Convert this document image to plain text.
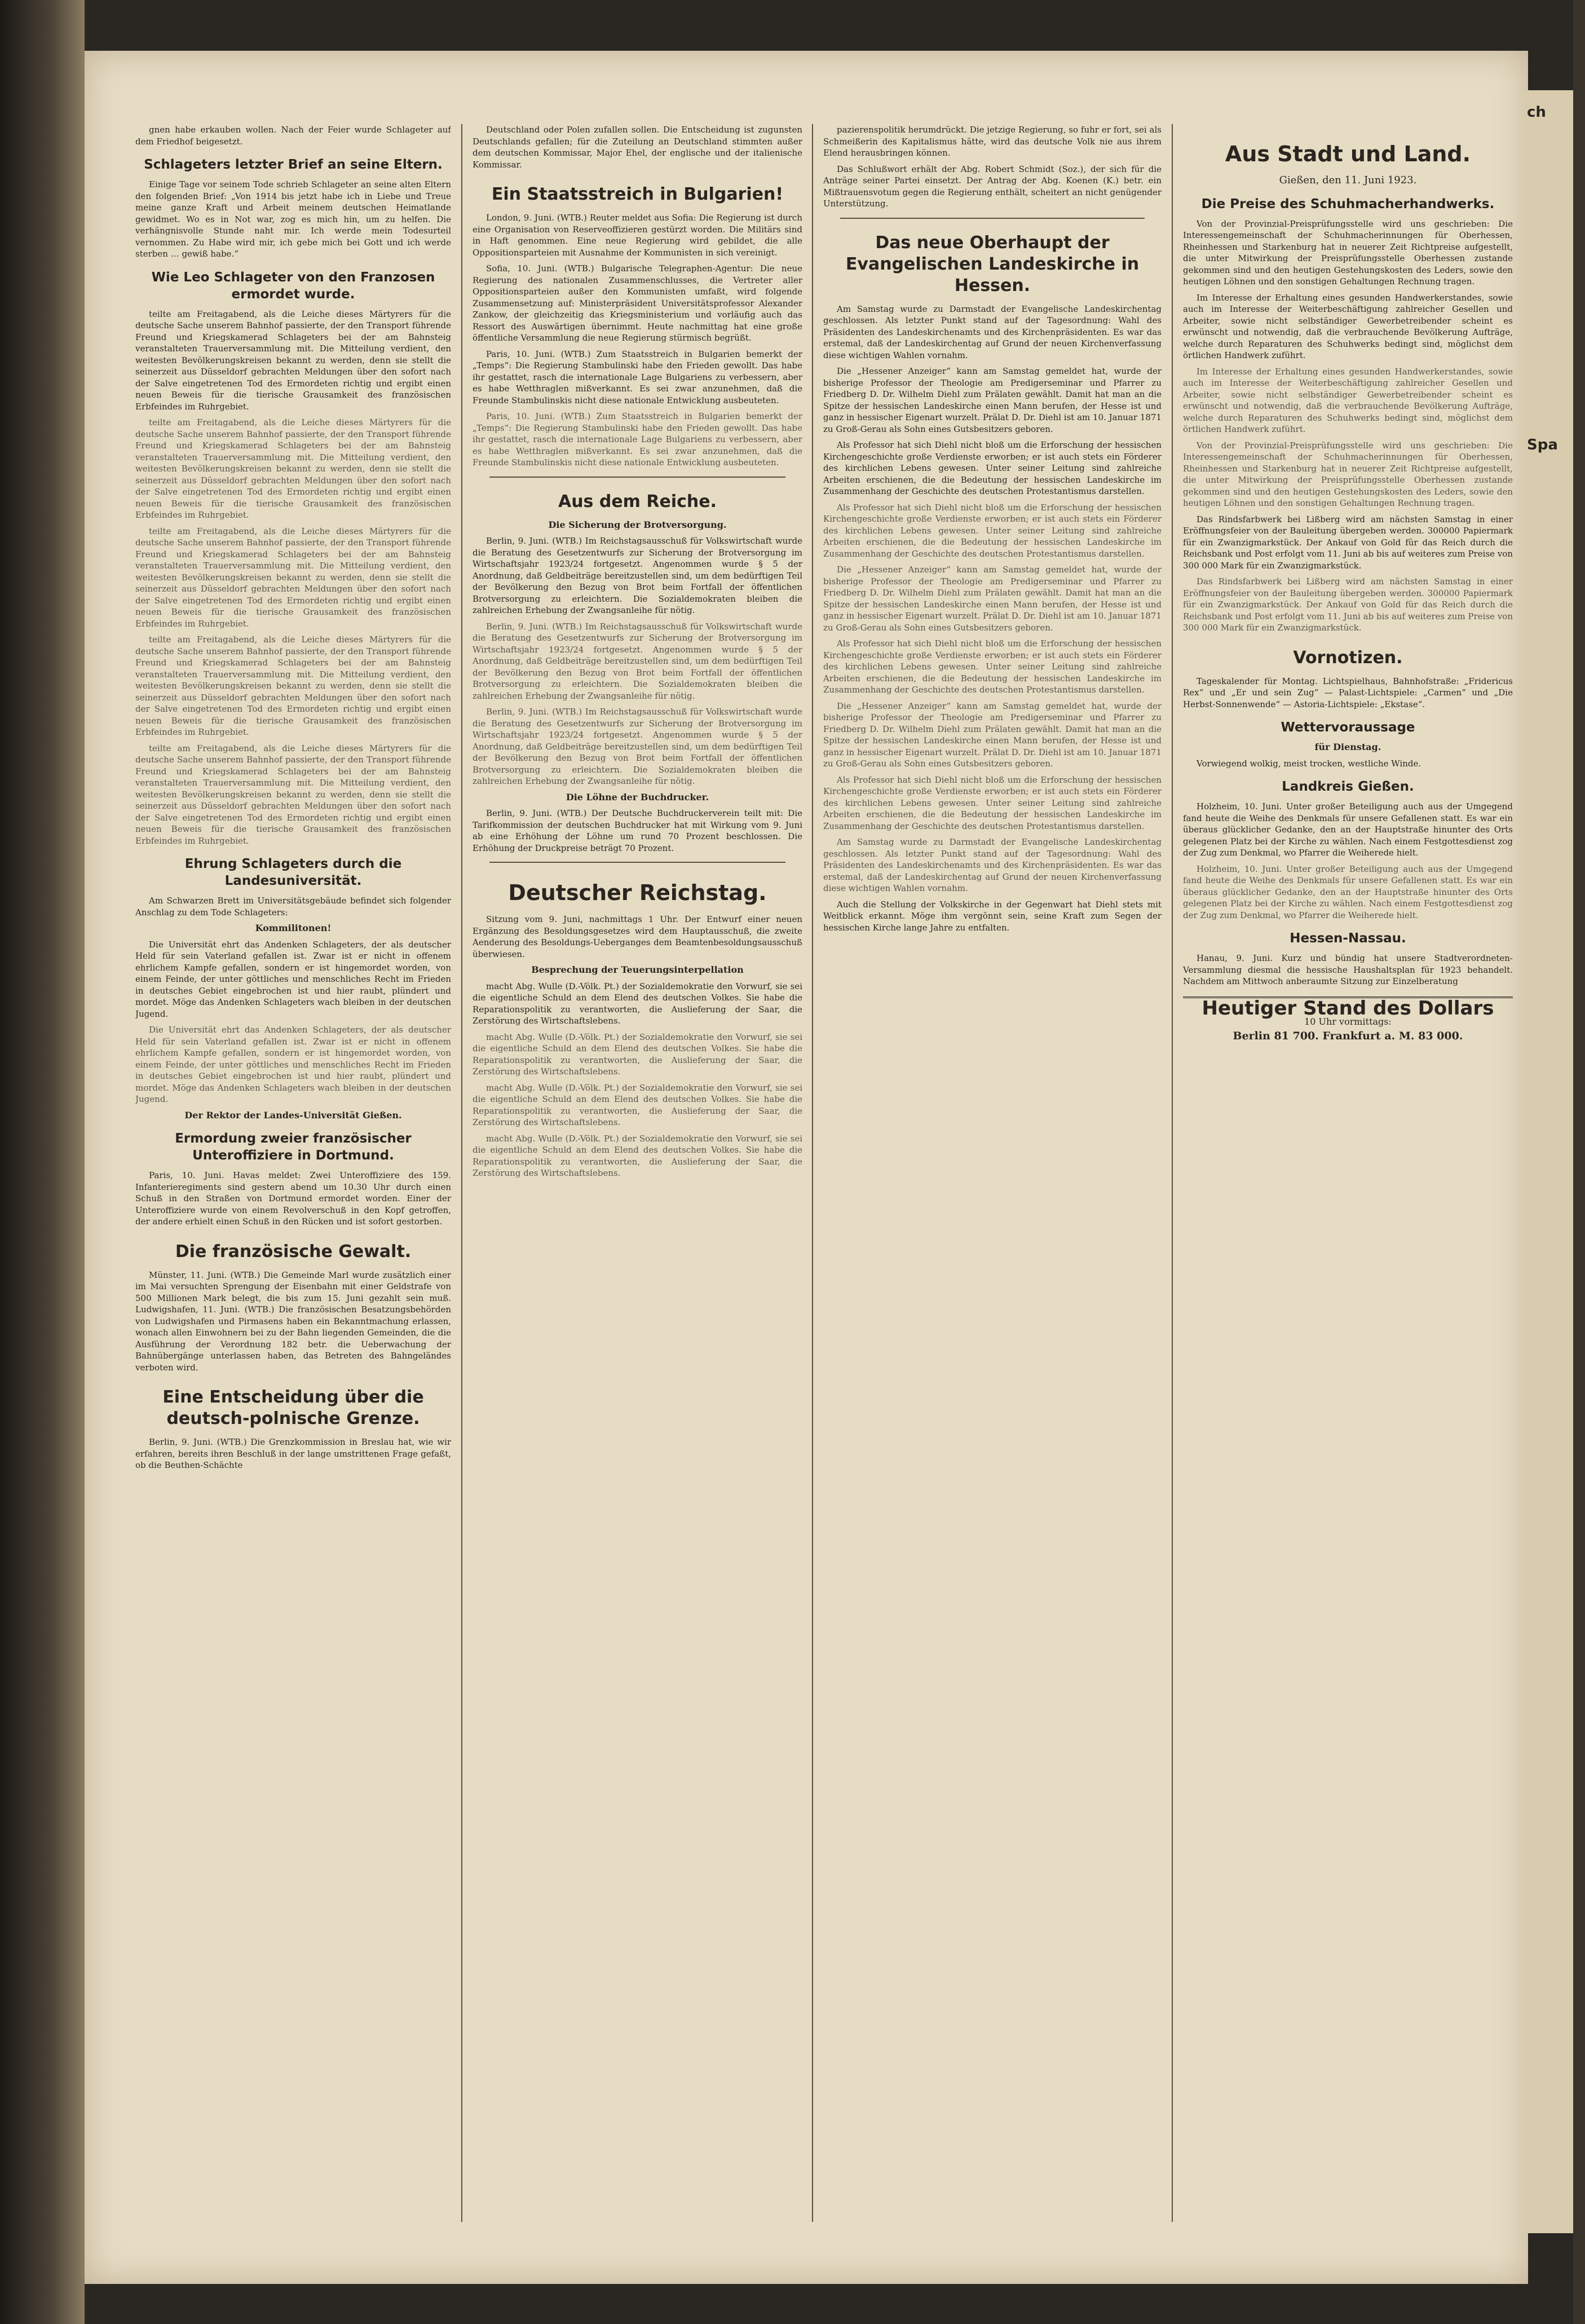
ch
Spa
gnen habe erkauben wollen. Nach der Feier wurde Schlageter auf dem Friedhof beigesetzt.
Schlageters letzter Brief an seine Eltern.
Einige Tage vor seinem Tode schrieb Schlageter an seine alten Eltern den folgenden Brief: „Von 1914 bis jetzt habe ich in Liebe und Treue meine ganze Kraft und Arbeit meinem deutschen Heimatlande gewidmet. Wo es in Not war, zog es mich hin, um zu helfen. Die verhängnisvolle Stunde naht mir. Ich werde mein Todesurteil vernommen. Zu Habe wird mir, ich gebe mich bei Gott und ich werde sterben … gewiß habe.“
Wie Leo Schlageter von den Franzosen ermordet wurde.
teilte am Freitagabend, als die Leiche dieses Märtyrers für die deutsche Sache unserem Bahnhof passierte, der den Transport führende Freund und Kriegskamerad Schlageters bei der am Bahnsteig veranstalteten Trauerversammlung mit. Die Mitteilung verdient, den weitesten Bevölkerungskreisen bekannt zu werden, denn sie stellt die seinerzeit aus Düsseldorf gebrachten Meldungen über den sofort nach der Salve eingetretenen Tod des Ermordeten richtig und ergibt einen neuen Beweis für die tierische Grausamkeit des französischen Erbfeindes im Ruhrgebiet.
teilte am Freitagabend, als die Leiche dieses Märtyrers für die deutsche Sache unserem Bahnhof passierte, der den Transport führende Freund und Kriegskamerad Schlageters bei der am Bahnsteig veranstalteten Trauerversammlung mit. Die Mitteilung verdient, den weitesten Bevölkerungskreisen bekannt zu werden, denn sie stellt die seinerzeit aus Düsseldorf gebrachten Meldungen über den sofort nach der Salve eingetretenen Tod des Ermordeten richtig und ergibt einen neuen Beweis für die tierische Grausamkeit des französischen Erbfeindes im Ruhrgebiet.
teilte am Freitagabend, als die Leiche dieses Märtyrers für die deutsche Sache unserem Bahnhof passierte, der den Transport führende Freund und Kriegskamerad Schlageters bei der am Bahnsteig veranstalteten Trauerversammlung mit. Die Mitteilung verdient, den weitesten Bevölkerungskreisen bekannt zu werden, denn sie stellt die seinerzeit aus Düsseldorf gebrachten Meldungen über den sofort nach der Salve eingetretenen Tod des Ermordeten richtig und ergibt einen neuen Beweis für die tierische Grausamkeit des französischen Erbfeindes im Ruhrgebiet.
teilte am Freitagabend, als die Leiche dieses Märtyrers für die deutsche Sache unserem Bahnhof passierte, der den Transport führende Freund und Kriegskamerad Schlageters bei der am Bahnsteig veranstalteten Trauerversammlung mit. Die Mitteilung verdient, den weitesten Bevölkerungskreisen bekannt zu werden, denn sie stellt die seinerzeit aus Düsseldorf gebrachten Meldungen über den sofort nach der Salve eingetretenen Tod des Ermordeten richtig und ergibt einen neuen Beweis für die tierische Grausamkeit des französischen Erbfeindes im Ruhrgebiet.
teilte am Freitagabend, als die Leiche dieses Märtyrers für die deutsche Sache unserem Bahnhof passierte, der den Transport führende Freund und Kriegskamerad Schlageters bei der am Bahnsteig veranstalteten Trauerversammlung mit. Die Mitteilung verdient, den weitesten Bevölkerungskreisen bekannt zu werden, denn sie stellt die seinerzeit aus Düsseldorf gebrachten Meldungen über den sofort nach der Salve eingetretenen Tod des Ermordeten richtig und ergibt einen neuen Beweis für die tierische Grausamkeit des französischen Erbfeindes im Ruhrgebiet.
Ehrung Schlageters durch die Landesuniversität.
Am Schwarzen Brett im Universitätsgebäude befindet sich folgender Anschlag zu dem Tode Schlageters:
Kommilitonen!
Die Universität ehrt das Andenken Schlageters, der als deutscher Held für sein Vaterland gefallen ist. Zwar ist er nicht in offenem ehrlichem Kampfe gefallen, sondern er ist hingemordet worden, von einem Feinde, der unter göttliches und menschliches Recht im Frieden in deutsches Gebiet eingebrochen ist und hier raubt, plündert und mordet. Möge das Andenken Schlageters wach bleiben in der deutschen Jugend.
Die Universität ehrt das Andenken Schlageters, der als deutscher Held für sein Vaterland gefallen ist. Zwar ist er nicht in offenem ehrlichem Kampfe gefallen, sondern er ist hingemordet worden, von einem Feinde, der unter göttliches und menschliches Recht im Frieden in deutsches Gebiet eingebrochen ist und hier raubt, plündert und mordet. Möge das Andenken Schlageters wach bleiben in der deutschen Jugend.
Der Rektor der Landes-Universität Gießen.
Ermordung zweier französischer Unteroffiziere in Dortmund.
Paris, 10. Juni. Havas meldet: Zwei Unteroffiziere des 159. Infanterieregiments sind gestern abend um 10.30 Uhr durch einen Schuß in den Straßen von Dortmund ermordet worden. Einer der Unteroffiziere wurde von einem Revolverschuß in den Kopf getroffen, der andere erhielt einen Schuß in den Rücken und ist sofort gestorben.
Die französische Gewalt.
Münster, 11. Juni. (WTB.) Die Gemeinde Marl wurde zusätzlich einer im Mai versuchten Sprengung der Eisenbahn mit einer Geldstrafe von 500 Millionen Mark belegt, die bis zum 15. Juni gezahlt sein muß. Ludwigshafen, 11. Juni. (WTB.) Die französischen Besatzungsbehörden von Ludwigshafen und Pirmasens haben ein Bekanntmachung erlassen, wonach allen Einwohnern bei zu der Bahn liegenden Gemeinden, die die Ausführung der Verordnung 182 betr. die Ueberwachung der Bahnübergänge unterlassen haben, das Betreten des Bahngeländes verboten wird.
Eine Entscheidung über die deutsch-polnische Grenze.
Berlin, 9. Juni. (WTB.) Die Grenzkommission in Breslau hat, wie wir erfahren, bereits ihren Beschluß in der lange umstrittenen Frage gefaßt, ob die Beuthen-Schächte
Deutschland oder Polen zufallen sollen. Die Entscheidung ist zugunsten Deutschlands gefallen; für die Zuteilung an Deutschland stimmten außer dem deutschen Kommissar, Major Ehel, der englische und der italienische Kommissar.
Ein Staatsstreich in Bulgarien!
London, 9. Juni. (WTB.) Reuter meldet aus Sofia: Die Regierung ist durch eine Organisation von Reserveoffizieren gestürzt worden. Die Militärs sind in Haft genommen. Eine neue Regierung wird gebildet, die alle Oppositionsparteien mit Ausnahme der Kommunisten in sich vereinigt.
Sofia, 10. Juni. (WTB.) Bulgarische Telegraphen-Agentur: Die neue Regierung des nationalen Zusammenschlusses, die Vertreter aller Oppositionsparteien außer den Kommunisten umfaßt, wird folgende Zusammensetzung auf: Ministerpräsident Universitätsprofessor Alexander Zankow, der gleichzeitig das Kriegsministerium und vorläufig auch das Ressort des Auswärtigen übernimmt. Heute nachmittag hat eine große öffentliche Versammlung die neue Regierung stürmisch begrüßt.
Paris, 10. Juni. (WTB.) Zum Staatsstreich in Bulgarien bemerkt der „Temps“: Die Regierung Stambulinski habe den Frieden gewollt. Das habe ihr gestattet, rasch die internationale Lage Bulgariens zu verbessern, aber es habe Wetthraglen mißverkannt. Es sei zwar anzunehmen, daß die Freunde Stambulinskis nicht diese nationale Entwicklung ausbeuteten.
Paris, 10. Juni. (WTB.) Zum Staatsstreich in Bulgarien bemerkt der „Temps“: Die Regierung Stambulinski habe den Frieden gewollt. Das habe ihr gestattet, rasch die internationale Lage Bulgariens zu verbessern, aber es habe Wetthraglen mißverkannt. Es sei zwar anzunehmen, daß die Freunde Stambulinskis nicht diese nationale Entwicklung ausbeuteten.
Aus dem Reiche.
Die Sicherung der Brotversorgung.
Berlin, 9. Juni. (WTB.) Im Reichstagsausschuß für Volkswirtschaft wurde die Beratung des Gesetzentwurfs zur Sicherung der Brotversorgung im Wirtschaftsjahr 1923/24 fortgesetzt. Angenommen wurde § 5 der Anordnung, daß Geldbeiträge bereitzustellen sind, um dem bedürftigen Teil der Bevölkerung den Bezug von Brot beim Fortfall der öffentlichen Brotversorgung zu erleichtern. Die Sozialdemokraten bleiben die zahlreichen Erhebung der Zwangsanleihe für nötig.
Berlin, 9. Juni. (WTB.) Im Reichstagsausschuß für Volkswirtschaft wurde die Beratung des Gesetzentwurfs zur Sicherung der Brotversorgung im Wirtschaftsjahr 1923/24 fortgesetzt. Angenommen wurde § 5 der Anordnung, daß Geldbeiträge bereitzustellen sind, um dem bedürftigen Teil der Bevölkerung den Bezug von Brot beim Fortfall der öffentlichen Brotversorgung zu erleichtern. Die Sozialdemokraten bleiben die zahlreichen Erhebung der Zwangsanleihe für nötig.
Berlin, 9. Juni. (WTB.) Im Reichstagsausschuß für Volkswirtschaft wurde die Beratung des Gesetzentwurfs zur Sicherung der Brotversorgung im Wirtschaftsjahr 1923/24 fortgesetzt. Angenommen wurde § 5 der Anordnung, daß Geldbeiträge bereitzustellen sind, um dem bedürftigen Teil der Bevölkerung den Bezug von Brot beim Fortfall der öffentlichen Brotversorgung zu erleichtern. Die Sozialdemokraten bleiben die zahlreichen Erhebung der Zwangsanleihe für nötig.
Die Löhne der Buchdrucker.
Berlin, 9. Juni. (WTB.) Der Deutsche Buchdruckerverein teilt mit: Die Tarifkommission der deutschen Buchdrucker hat mit Wirkung vom 9. Juni ab eine Erhöhung der Löhne um rund 70 Prozent beschlossen. Die Erhöhung der Druckpreise beträgt 70 Prozent.
Deutscher Reichstag.
Sitzung vom 9. Juni, nachmittags 1 Uhr. Der Entwurf einer neuen Ergänzung des Besoldungsgesetzes wird dem Hauptausschuß, die zweite Aenderung des Besoldungs-Ueberganges dem Beamtenbesoldungsausschuß überwiesen.
Besprechung der Teuerungsinterpellation
macht Abg. Wulle (D.-Völk. Pt.) der Sozialdemokratie den Vorwurf, sie sei die eigentliche Schuld an dem Elend des deutschen Volkes. Sie habe die Reparationspolitik zu verantworten, die Auslieferung der Saar, die Zerstörung des Wirtschaftslebens.
macht Abg. Wulle (D.-Völk. Pt.) der Sozialdemokratie den Vorwurf, sie sei die eigentliche Schuld an dem Elend des deutschen Volkes. Sie habe die Reparationspolitik zu verantworten, die Auslieferung der Saar, die Zerstörung des Wirtschaftslebens.
macht Abg. Wulle (D.-Völk. Pt.) der Sozialdemokratie den Vorwurf, sie sei die eigentliche Schuld an dem Elend des deutschen Volkes. Sie habe die Reparationspolitik zu verantworten, die Auslieferung der Saar, die Zerstörung des Wirtschaftslebens.
macht Abg. Wulle (D.-Völk. Pt.) der Sozialdemokratie den Vorwurf, sie sei die eigentliche Schuld an dem Elend des deutschen Volkes. Sie habe die Reparationspolitik zu verantworten, die Auslieferung der Saar, die Zerstörung des Wirtschaftslebens.
pazierenspolitik herumdrückt. Die jetzige Regierung, so fuhr er fort, sei als Schmeißerin des Kapitalismus hätte, wird das deutsche Volk nie aus ihrem Elend herausbringen können.
Das Schlußwort erhält der Abg. Robert Schmidt (Soz.), der sich für die Anträge seiner Partei einsetzt. Der Antrag der Abg. Koenen (K.) betr. ein Mißtrauensvotum gegen die Regierung enthält, scheitert an nicht genügender Unterstützung.
Das neue Oberhaupt der Evangelischen Landeskirche in Hessen.
Am Samstag wurde zu Darmstadt der Evangelische Landeskirchentag geschlossen. Als letzter Punkt stand auf der Tagesordnung: Wahl des Präsidenten des Landeskirchenamts und des Kirchenpräsidenten. Es war das erstemal, daß der Landeskirchentag auf Grund der neuen Kirchenverfassung diese wichtigen Wahlen vornahm.
Die „Hessener Anzeiger“ kann am Samstag gemeldet hat, wurde der bisherige Professor der Theologie am Predigerseminar und Pfarrer zu Friedberg D. Dr. Wilhelm Diehl zum Prälaten gewählt. Damit hat man an die Spitze der hessischen Landeskirche einen Mann berufen, der Hesse ist und ganz in hessischer Eigenart wurzelt. Prälat D. Dr. Diehl ist am 10. Januar 1871 zu Groß-Gerau als Sohn eines Gutsbesitzers geboren.
Als Professor hat sich Diehl nicht bloß um die Erforschung der hessischen Kirchengeschichte große Verdienste erworben; er ist auch stets ein Förderer des kirchlichen Lebens gewesen. Unter seiner Leitung sind zahlreiche Arbeiten erschienen, die die Bedeutung der hessischen Landeskirche im Zusammenhang der Geschichte des deutschen Protestantismus darstellen.
Als Professor hat sich Diehl nicht bloß um die Erforschung der hessischen Kirchengeschichte große Verdienste erworben; er ist auch stets ein Förderer des kirchlichen Lebens gewesen. Unter seiner Leitung sind zahlreiche Arbeiten erschienen, die die Bedeutung der hessischen Landeskirche im Zusammenhang der Geschichte des deutschen Protestantismus darstellen.
Die „Hessener Anzeiger“ kann am Samstag gemeldet hat, wurde der bisherige Professor der Theologie am Predigerseminar und Pfarrer zu Friedberg D. Dr. Wilhelm Diehl zum Prälaten gewählt. Damit hat man an die Spitze der hessischen Landeskirche einen Mann berufen, der Hesse ist und ganz in hessischer Eigenart wurzelt. Prälat D. Dr. Diehl ist am 10. Januar 1871 zu Groß-Gerau als Sohn eines Gutsbesitzers geboren.
Als Professor hat sich Diehl nicht bloß um die Erforschung der hessischen Kirchengeschichte große Verdienste erworben; er ist auch stets ein Förderer des kirchlichen Lebens gewesen. Unter seiner Leitung sind zahlreiche Arbeiten erschienen, die die Bedeutung der hessischen Landeskirche im Zusammenhang der Geschichte des deutschen Protestantismus darstellen.
Die „Hessener Anzeiger“ kann am Samstag gemeldet hat, wurde der bisherige Professor der Theologie am Predigerseminar und Pfarrer zu Friedberg D. Dr. Wilhelm Diehl zum Prälaten gewählt. Damit hat man an die Spitze der hessischen Landeskirche einen Mann berufen, der Hesse ist und ganz in hessischer Eigenart wurzelt. Prälat D. Dr. Diehl ist am 10. Januar 1871 zu Groß-Gerau als Sohn eines Gutsbesitzers geboren.
Als Professor hat sich Diehl nicht bloß um die Erforschung der hessischen Kirchengeschichte große Verdienste erworben; er ist auch stets ein Förderer des kirchlichen Lebens gewesen. Unter seiner Leitung sind zahlreiche Arbeiten erschienen, die die Bedeutung der hessischen Landeskirche im Zusammenhang der Geschichte des deutschen Protestantismus darstellen.
Am Samstag wurde zu Darmstadt der Evangelische Landeskirchentag geschlossen. Als letzter Punkt stand auf der Tagesordnung: Wahl des Präsidenten des Landeskirchenamts und des Kirchenpräsidenten. Es war das erstemal, daß der Landeskirchentag auf Grund der neuen Kirchenverfassung diese wichtigen Wahlen vornahm.
Auch die Stellung der Volkskirche in der Gegenwart hat Diehl stets mit Weitblick erkannt. Möge ihm vergönnt sein, seine Kraft zum Segen der hessischen Kirche lange Jahre zu entfalten.
Aus Stadt und Land.
Gießen, den 11. Juni 1923.
Die Preise des Schuhmacherhandwerks.
Von der Provinzial-Preisprüfungsstelle wird uns geschrieben: Die Interessengemeinschaft der Schuhmacherinnungen für Oberhessen, Rheinhessen und Starkenburg hat in neuerer Zeit Richtpreise aufgestellt, die unter Mitwirkung der Preisprüfungsstelle Oberhessen zustande gekommen sind und den heutigen Gestehungskosten des Leders, sowie den heutigen Löhnen und den sonstigen Gehaltungen Rechnung tragen.
Im Interesse der Erhaltung eines gesunden Handwerkerstandes, sowie auch im Interesse der Weiterbeschäftigung zahlreicher Gesellen und Arbeiter, sowie nicht selbständiger Gewerbetreibender scheint es erwünscht und notwendig, daß die verbrauchende Bevölkerung Aufträge, welche durch Reparaturen des Schuhwerks bedingt sind, möglichst dem örtlichen Handwerk zuführt.
Im Interesse der Erhaltung eines gesunden Handwerkerstandes, sowie auch im Interesse der Weiterbeschäftigung zahlreicher Gesellen und Arbeiter, sowie nicht selbständiger Gewerbetreibender scheint es erwünscht und notwendig, daß die verbrauchende Bevölkerung Aufträge, welche durch Reparaturen des Schuhwerks bedingt sind, möglichst dem örtlichen Handwerk zuführt.
Von der Provinzial-Preisprüfungsstelle wird uns geschrieben: Die Interessengemeinschaft der Schuhmacherinnungen für Oberhessen, Rheinhessen und Starkenburg hat in neuerer Zeit Richtpreise aufgestellt, die unter Mitwirkung der Preisprüfungsstelle Oberhessen zustande gekommen sind und den heutigen Gestehungskosten des Leders, sowie den heutigen Löhnen und den sonstigen Gehaltungen Rechnung tragen.
Das Rindsfarbwerk bei Lißberg wird am nächsten Samstag in einer Eröffnungsfeier von der Bauleitung übergeben werden. 300000 Papiermark für ein Zwanzigmarkstück. Der Ankauf von Gold für das Reich durch die Reichsbank und Post erfolgt vom 11. Juni ab bis auf weiteres zum Preise von 300 000 Mark für ein Zwanzigmarkstück.
Das Rindsfarbwerk bei Lißberg wird am nächsten Samstag in einer Eröffnungsfeier von der Bauleitung übergeben werden. 300000 Papiermark für ein Zwanzigmarkstück. Der Ankauf von Gold für das Reich durch die Reichsbank und Post erfolgt vom 11. Juni ab bis auf weiteres zum Preise von 300 000 Mark für ein Zwanzigmarkstück.
Vornotizen.
Tageskalender für Montag. Lichtspielhaus, Bahnhofstraße: „Fridericus Rex“ und „Er und sein Zug“ — Palast-Lichtspiele: „Carmen“ und „Die Herbst-Sonnenwende“ — Astoria-Lichtspiele: „Ekstase“.
Wettervoraussage
für Dienstag.
Vorwiegend wolkig, meist trocken, westliche Winde.
Landkreis Gießen.
Holzheim, 10. Juni. Unter großer Beteiligung auch aus der Umgegend fand heute die Weihe des Denkmals für unsere Gefallenen statt. Es war ein überaus glücklicher Gedanke, den an der Hauptstraße hinunter des Orts gelegenen Platz bei der Kirche zu wählen. Nach einem Festgottesdienst zog der Zug zum Denkmal, wo Pfarrer die Weiherede hielt.
Holzheim, 10. Juni. Unter großer Beteiligung auch aus der Umgegend fand heute die Weihe des Denkmals für unsere Gefallenen statt. Es war ein überaus glücklicher Gedanke, den an der Hauptstraße hinunter des Orts gelegenen Platz bei der Kirche zu wählen. Nach einem Festgottesdienst zog der Zug zum Denkmal, wo Pfarrer die Weiherede hielt.
Hessen-Nassau.
Hanau, 9. Juni. Kurz und bündig hat unsere Stadtverordneten-Versammlung diesmal die hessische Haushaltsplan für 1923 behandelt. Nachdem am Mittwoch anberaumte Sitzung zur Einzelberatung
Heutiger Stand des Dollars
10 Uhr vormittags:
Berlin 81 700. Frankfurt a. M. 83 000.
